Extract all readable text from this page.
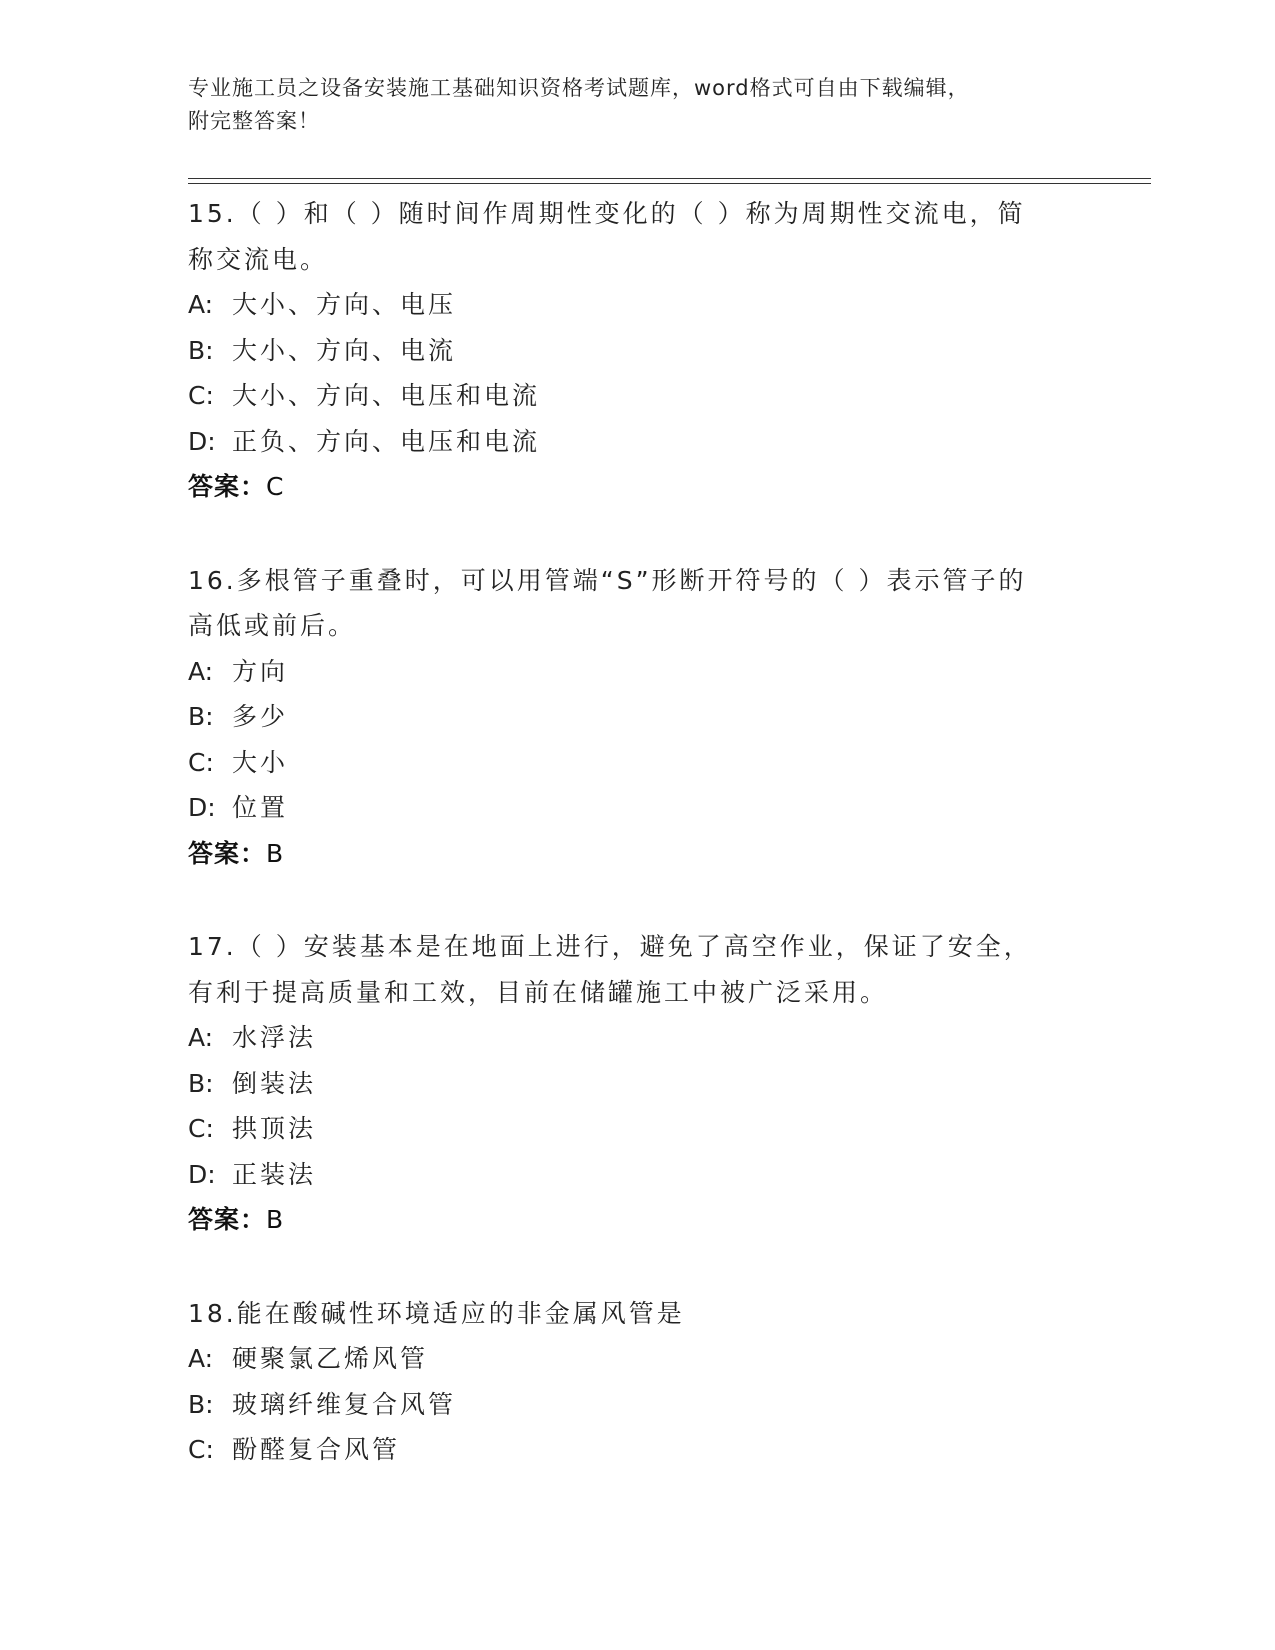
专业施工员之设备安装施工基础知识资格考试题库，word格式可自由下载编辑，
附完整答案！

15.（ ）和（ ）随时间作周期性变化的（ ）称为周期性交流电，简
称交流电。

A: 大小、方向、电压

B: 大小、方向、电流

C: 大小、方向、电压和电流

D: 正负、方向、电压和电流

答案：C

16.多根管子重叠时，可以用管端“S”形断开符号的（ ）表示管子的
高低或前后。

A: 方向

B: 多少

C: 大小

D: 位置

答案：B

17.（ ）安装基本是在地面上进行，避免了高空作业，保证了安全，
有利于提高质量和工效，目前在储罐施工中被广泛采用。

A: 水浮法

B: 倒装法

C: 拱顶法

D: 正装法

答案：B

18.能在酸碱性环境适应的非金属风管是

A: 硬聚氯乙烯风管

B: 玻璃纤维复合风管

C: 酚醛复合风管
